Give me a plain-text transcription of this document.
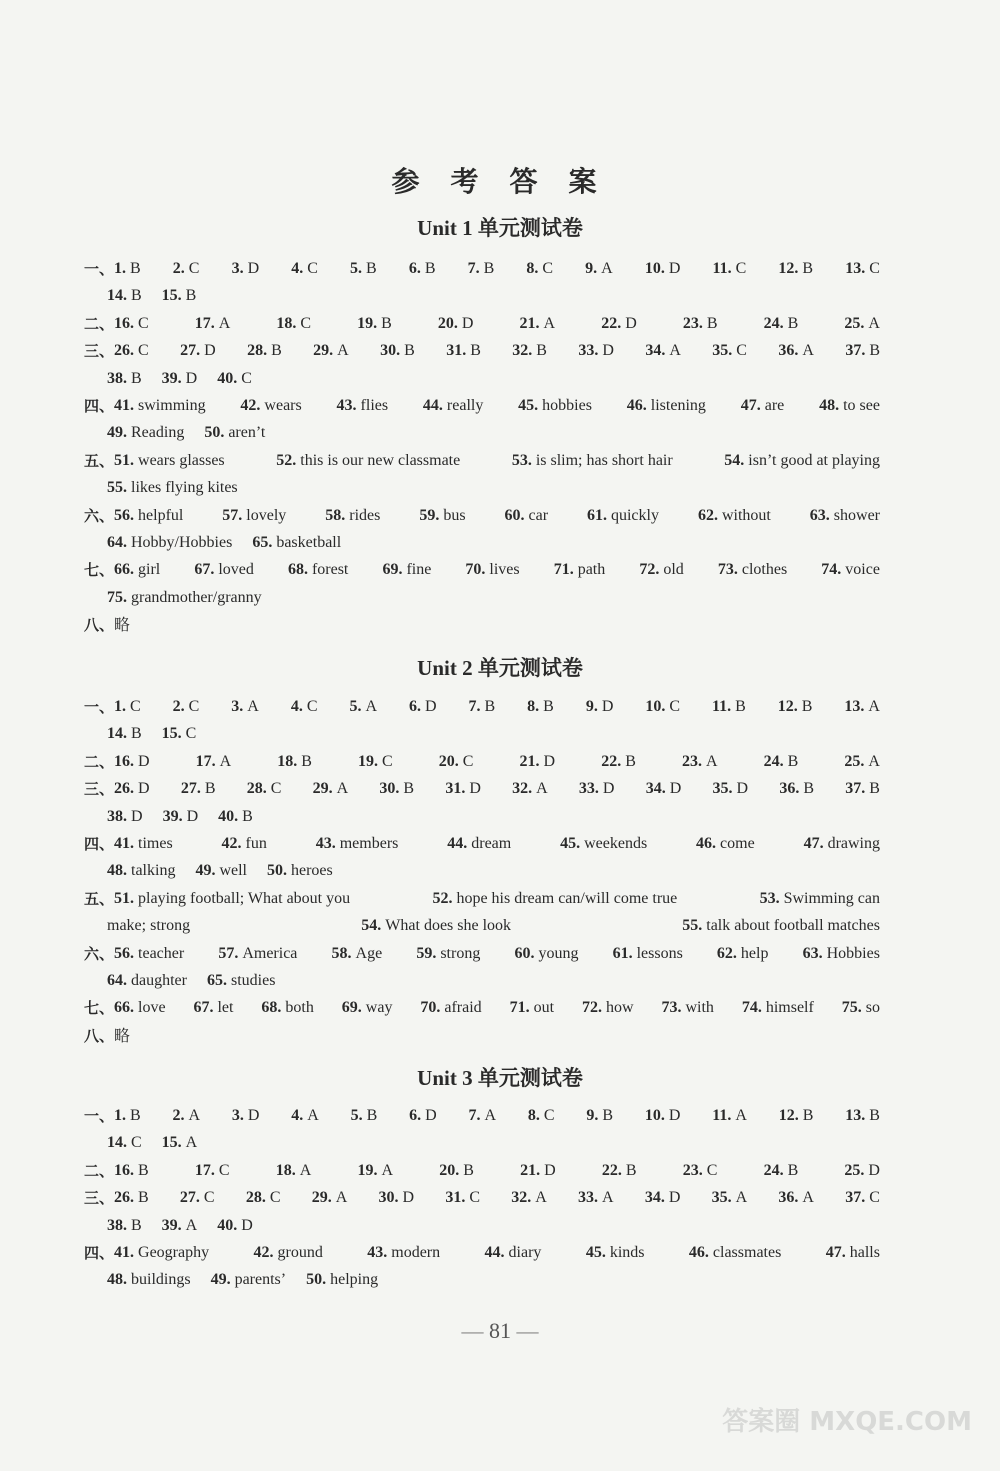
参 考 答 案
Unit 1 单元测试卷
一、 1. B 2. C 3. D 4. C 5. B 6. B 7. B 8. C 9. A 10. D 11. C 12. B 13. C
14. B 15. B
二、 16. C	17. A	18. C	19. B	20. D	21. A	22. D	23. B	24. B	25. A
三、 26. C 27. D 28. B 29. A 30. B 31. B 32. B 33. D 34. A 35. C 36. A 37. B
38. B 39. D 40. C
四、 41. swimming 42. wears 43. flies 44. really 45. hobbies 46. listening 47. are 48. to see
49. Reading 50. aren’t
五、 51. wears glasses	52. this is our new classmate	53. is slim; has short hair	54. isn’t good at playing
55. likes flying kites
六、 56. helpful 57. lovely 58. rides 59. bus 60. car 61. quickly 62. without 63. shower
64. Hobby/Hobbies 65. basketball
七、 66. girl 67. loved 68. forest 69. fine 70. lives 71. path 72. old 73. clothes 74. voice
75. grandmother/granny
八、 略
Unit 2 单元测试卷
一、 1. C 2. C 3. A 4. C 5. A 6. D 7. B 8. B 9. D 10. C 11. B 12. B 13. A
14. B 15. C
二、 16. D	17. A	18. B	19. C	20. C	21. D	22. B	23. A	24. B	25. A
三、 26. D 27. B 28. C 29. A 30. B 31. D 32. A 33. D 34. D 35. D 36. B 37. B
38. D 39. D 40. B
四、 41. times	42. fun	43. members	44. dream	45. weekends	46. come	47. drawing
48. talking 49. well 50. heroes
五、 51. playing football; What about you	52. hope his dream can/will come true	53. Swimming can
make; strong	54. What does she look	55. talk about football matches
六、 56. teacher 57. America 58. Age 59. strong 60. young 61. lessons 62. help 63. Hobbies
64. daughter 65. studies
七、 66. love 67. let 68. both 69. way 70. afraid 71. out 72. how 73. with 74. himself 75. so
八、 略
Unit 3 单元测试卷
一、 1. B 2. A 3. D 4. A 5. B 6. D 7. A 8. C 9. B 10. D 11. A 12. B 13. B
14. C 15. A
二、 16. B	17. C	18. A	19. A	20. B	21. D	22. B	23. C	24. B	25. D
三、 26. B 27. C 28. C 29. A 30. D 31. C 32. A 33. A 34. D 35. A 36. A 37. C
38. B 39. A 40. D
四、 41. Geography	42. ground	43. modern	44. diary	45. kinds	46. classmates	47. halls
48. buildings 49. parents’ 50. helping
— 81 —
答案圈 MXQE.COM
